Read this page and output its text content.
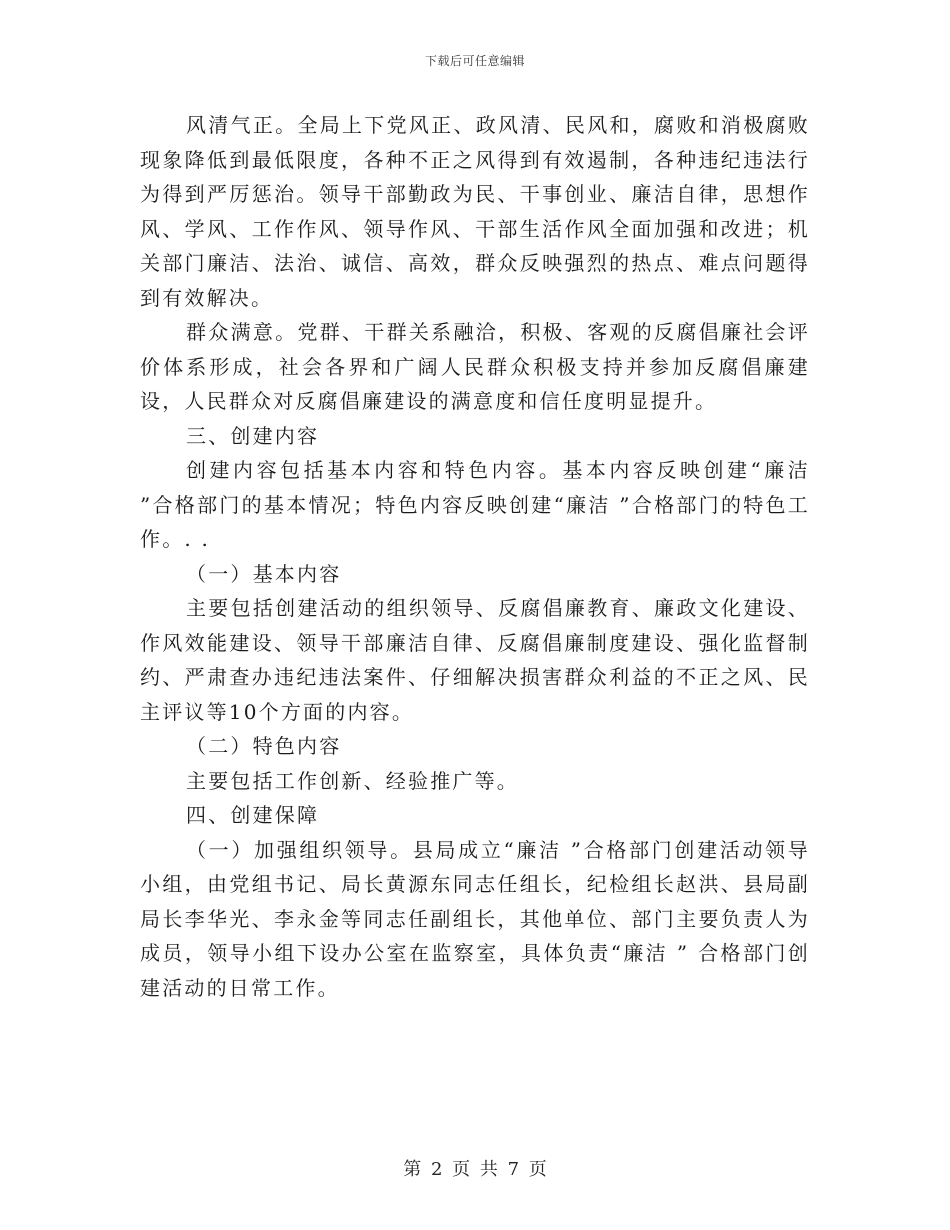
下载后可任意编辑

风清气正。全局上下党风正、政风清、民风和，腐败和消极腐败现象降低到最低限度，各种不正之风得到有效遏制，各种违纪违法行为得到严厉惩治。领导干部勤政为民、干事创业、廉洁自律，思想作风、学风、工作作风、领导作风、干部生活作风全面加强和改进；机关部门廉洁、法治、诚信、高效，群众反映强烈的热点、难点问题得到有效解决。

群众满意。党群、干群关系融洽，积极、客观的反腐倡廉社会评价体系形成，社会各界和广阔人民群众积极支持并参加反腐倡廉建设，人民群众对反腐倡廉建设的满意度和信任度明显提升。

三、创建内容

创建内容包括基本内容和特色内容。基本内容反映创建“廉洁 ”合格部门的基本情况；特色内容反映创建“廉洁 ”合格部门的特色工作。. .

（一）基本内容

主要包括创建活动的组织领导、反腐倡廉教育、廉政文化建设、作风效能建设、领导干部廉洁自律、反腐倡廉制度建设、强化监督制约、严肃查办违纪违法案件、仔细解决损害群众利益的不正之风、民主评议等10个方面的内容。

（二）特色内容

主要包括工作创新、经验推广等。

四、创建保障

（一）加强组织领导。县局成立“廉洁 ”合格部门创建活动领导小组，由党组书记、局长黄源东同志任组长，纪检组长赵洪、县局副局长李华光、李永金等同志任副组长，其他单位、部门主要负责人为成员，领导小组下设办公室在监察室，具体负责“廉洁 ” 合格部门创建活动的日常工作。

第 2 页 共 7 页
